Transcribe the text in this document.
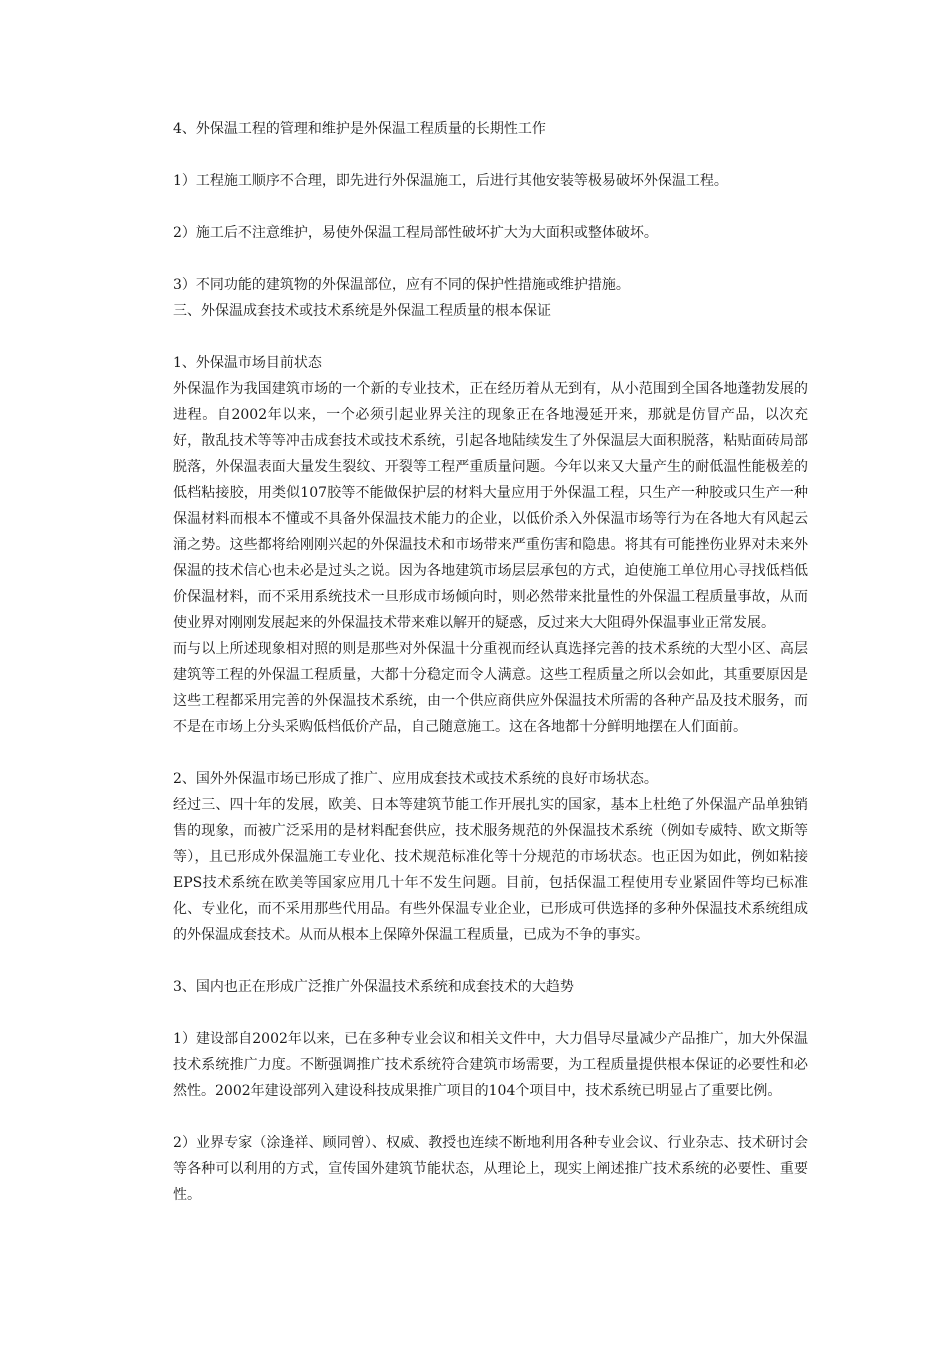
4、外保温工程的管理和维护是外保温工程质量的长期性工作

1）工程施工顺序不合理，即先进行外保温施工，后进行其他安装等极易破坏外保温工程。

2）施工后不注意维护，易使外保温工程局部性破坏扩大为大面积或整体破坏。

3）不同功能的建筑物的外保温部位，应有不同的保护性措施或维护措施。

三、外保温成套技术或技术系统是外保温工程质量的根本保证

1、外保温市场目前状态

外保温作为我国建筑市场的一个新的专业技术，正在经历着从无到有，从小范围到全国各地蓬勃发展的进程。自2002年以来，一个必须引起业界关注的现象正在各地漫延开来，那就是仿冒产品，以次充好，散乱技术等等冲击成套技术或技术系统，引起各地陆续发生了外保温层大面积脱落，粘贴面砖局部脱落，外保温表面大量发生裂纹、开裂等工程严重质量问题。今年以来又大量产生的耐低温性能极差的低档粘接胶，用类似107胶等不能做保护层的材料大量应用于外保温工程，只生产一种胶或只生产一种保温材料而根本不懂或不具备外保温技术能力的企业，以低价杀入外保温市场等行为在各地大有风起云涌之势。这些都将给刚刚兴起的外保温技术和市场带来严重伤害和隐患。将其有可能挫伤业界对未来外保温的技术信心也未必是过头之说。因为各地建筑市场层层承包的方式，迫使施工单位用心寻找低档低价保温材料，而不采用系统技术一旦形成市场倾向时，则必然带来批量性的外保温工程质量事故，从而使业界对刚刚发展起来的外保温技术带来难以解开的疑惑，反过来大大阻碍外保温事业正常发展。

而与以上所述现象相对照的则是那些对外保温十分重视而经认真选择完善的技术系统的大型小区、高层建筑等工程的外保温工程质量，大都十分稳定而令人满意。这些工程质量之所以会如此，其重要原因是这些工程都采用完善的外保温技术系统，由一个供应商供应外保温技术所需的各种产品及技术服务，而不是在市场上分头采购低档低价产品，自己随意施工。这在各地都十分鲜明地摆在人们面前。

2、国外外保温市场已形成了推广、应用成套技术或技术系统的良好市场状态。

经过三、四十年的发展，欧美、日本等建筑节能工作开展扎实的国家，基本上杜绝了外保温产品单独销售的现象，而被广泛采用的是材料配套供应，技术服务规范的外保温技术系统（例如专威特、欧文斯等等），且已形成外保温施工专业化、技术规范标准化等十分规范的市场状态。也正因为如此，例如粘接EPS技术系统在欧美等国家应用几十年不发生问题。目前，包括保温工程使用专业紧固件等均已标准化、专业化，而不采用那些代用品。有些外保温专业企业，已形成可供选择的多种外保温技术系统组成的外保温成套技术。从而从根本上保障外保温工程质量，已成为不争的事实。

3、国内也正在形成广泛推广外保温技术系统和成套技术的大趋势

1）建设部自2002年以来，已在多种专业会议和相关文件中，大力倡导尽量减少产品推广，加大外保温技术系统推广力度。不断强调推广技术系统符合建筑市场需要，为工程质量提供根本保证的必要性和必然性。2002年建设部列入建设科技成果推广项目的104个项目中，技术系统已明显占了重要比例。

2）业界专家（涂逢祥、顾同曾）、权威、教授也连续不断地利用各种专业会议、行业杂志、技术研讨会等各种可以利用的方式，宣传国外建筑节能状态，从理论上，现实上阐述推广技术系统的必要性、重要性。
